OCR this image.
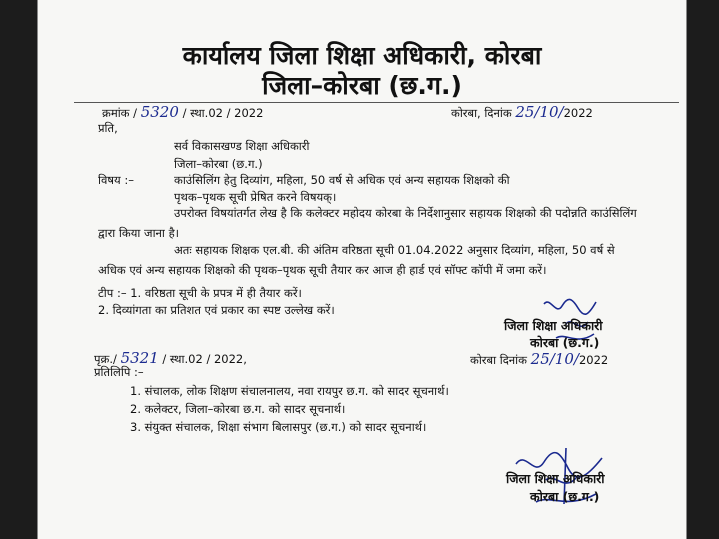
कार्यालय जिला शिक्षा अधिकारी, कोरबा
जिला–कोरबा (छ.ग.)
क्रमांक / 5320 / स्था.02 / 2022	कोरबा, दिनांक 25/10/2022
प्रति,
सर्व विकासखण्ड शिक्षा अधिकारी
जिला–कोरबा (छ.ग.)
विषय :–	काउंसिलिंग हेतु दिव्यांग, महिला, 50 वर्ष से अधिक एवं अन्य सहायक शिक्षको की
पृथक–पृथक सूची प्रेषित करने विषयक्।
उपरोक्त विषयांतर्गत लेख है कि कलेक्टर महोदय कोरबा के निर्देशानुसार सहायक शिक्षको की पदोन्नति काउंसिलिंग द्वारा किया जाना है।
अतः सहायक शिक्षक एल.बी. की अंतिम वरिष्ठता सूची 01.04.2022 अनुसार दिव्यांग, महिला, 50 वर्ष से अधिक एवं अन्य सहायक शिक्षको की पृथक–पृथक सूची तैयार कर आज ही हार्ड एवं सॉफ्ट कॉपी में जमा करें।
टीप :– 1. वरिष्ठता सूची के प्रपत्र में ही तैयार करें।
2. दिव्यांगता का प्रतिशत एवं प्रकार का स्पष्ट उल्लेख करें।
जिला शिक्षा अधिकारी
कोरबा (छ.ग.)
पृक्र./ 5321 / स्था.02 / 2022,	कोरबा दिनांक 25/10/2022
प्रतिलिपि :–
1. संचालक, लोक शिक्षण संचालनालय, नवा रायपुर छ.ग. को सादर सूचनार्थ।
2. कलेक्टर, जिला–कोरबा छ.ग. को सादर सूचनार्थ।
3. संयुक्त संचालक, शिक्षा संभाग बिलासपुर (छ.ग.) को सादर सूचनार्थ।
जिला शिक्षा अधिकारी
कोरबा (छ.ग.)
